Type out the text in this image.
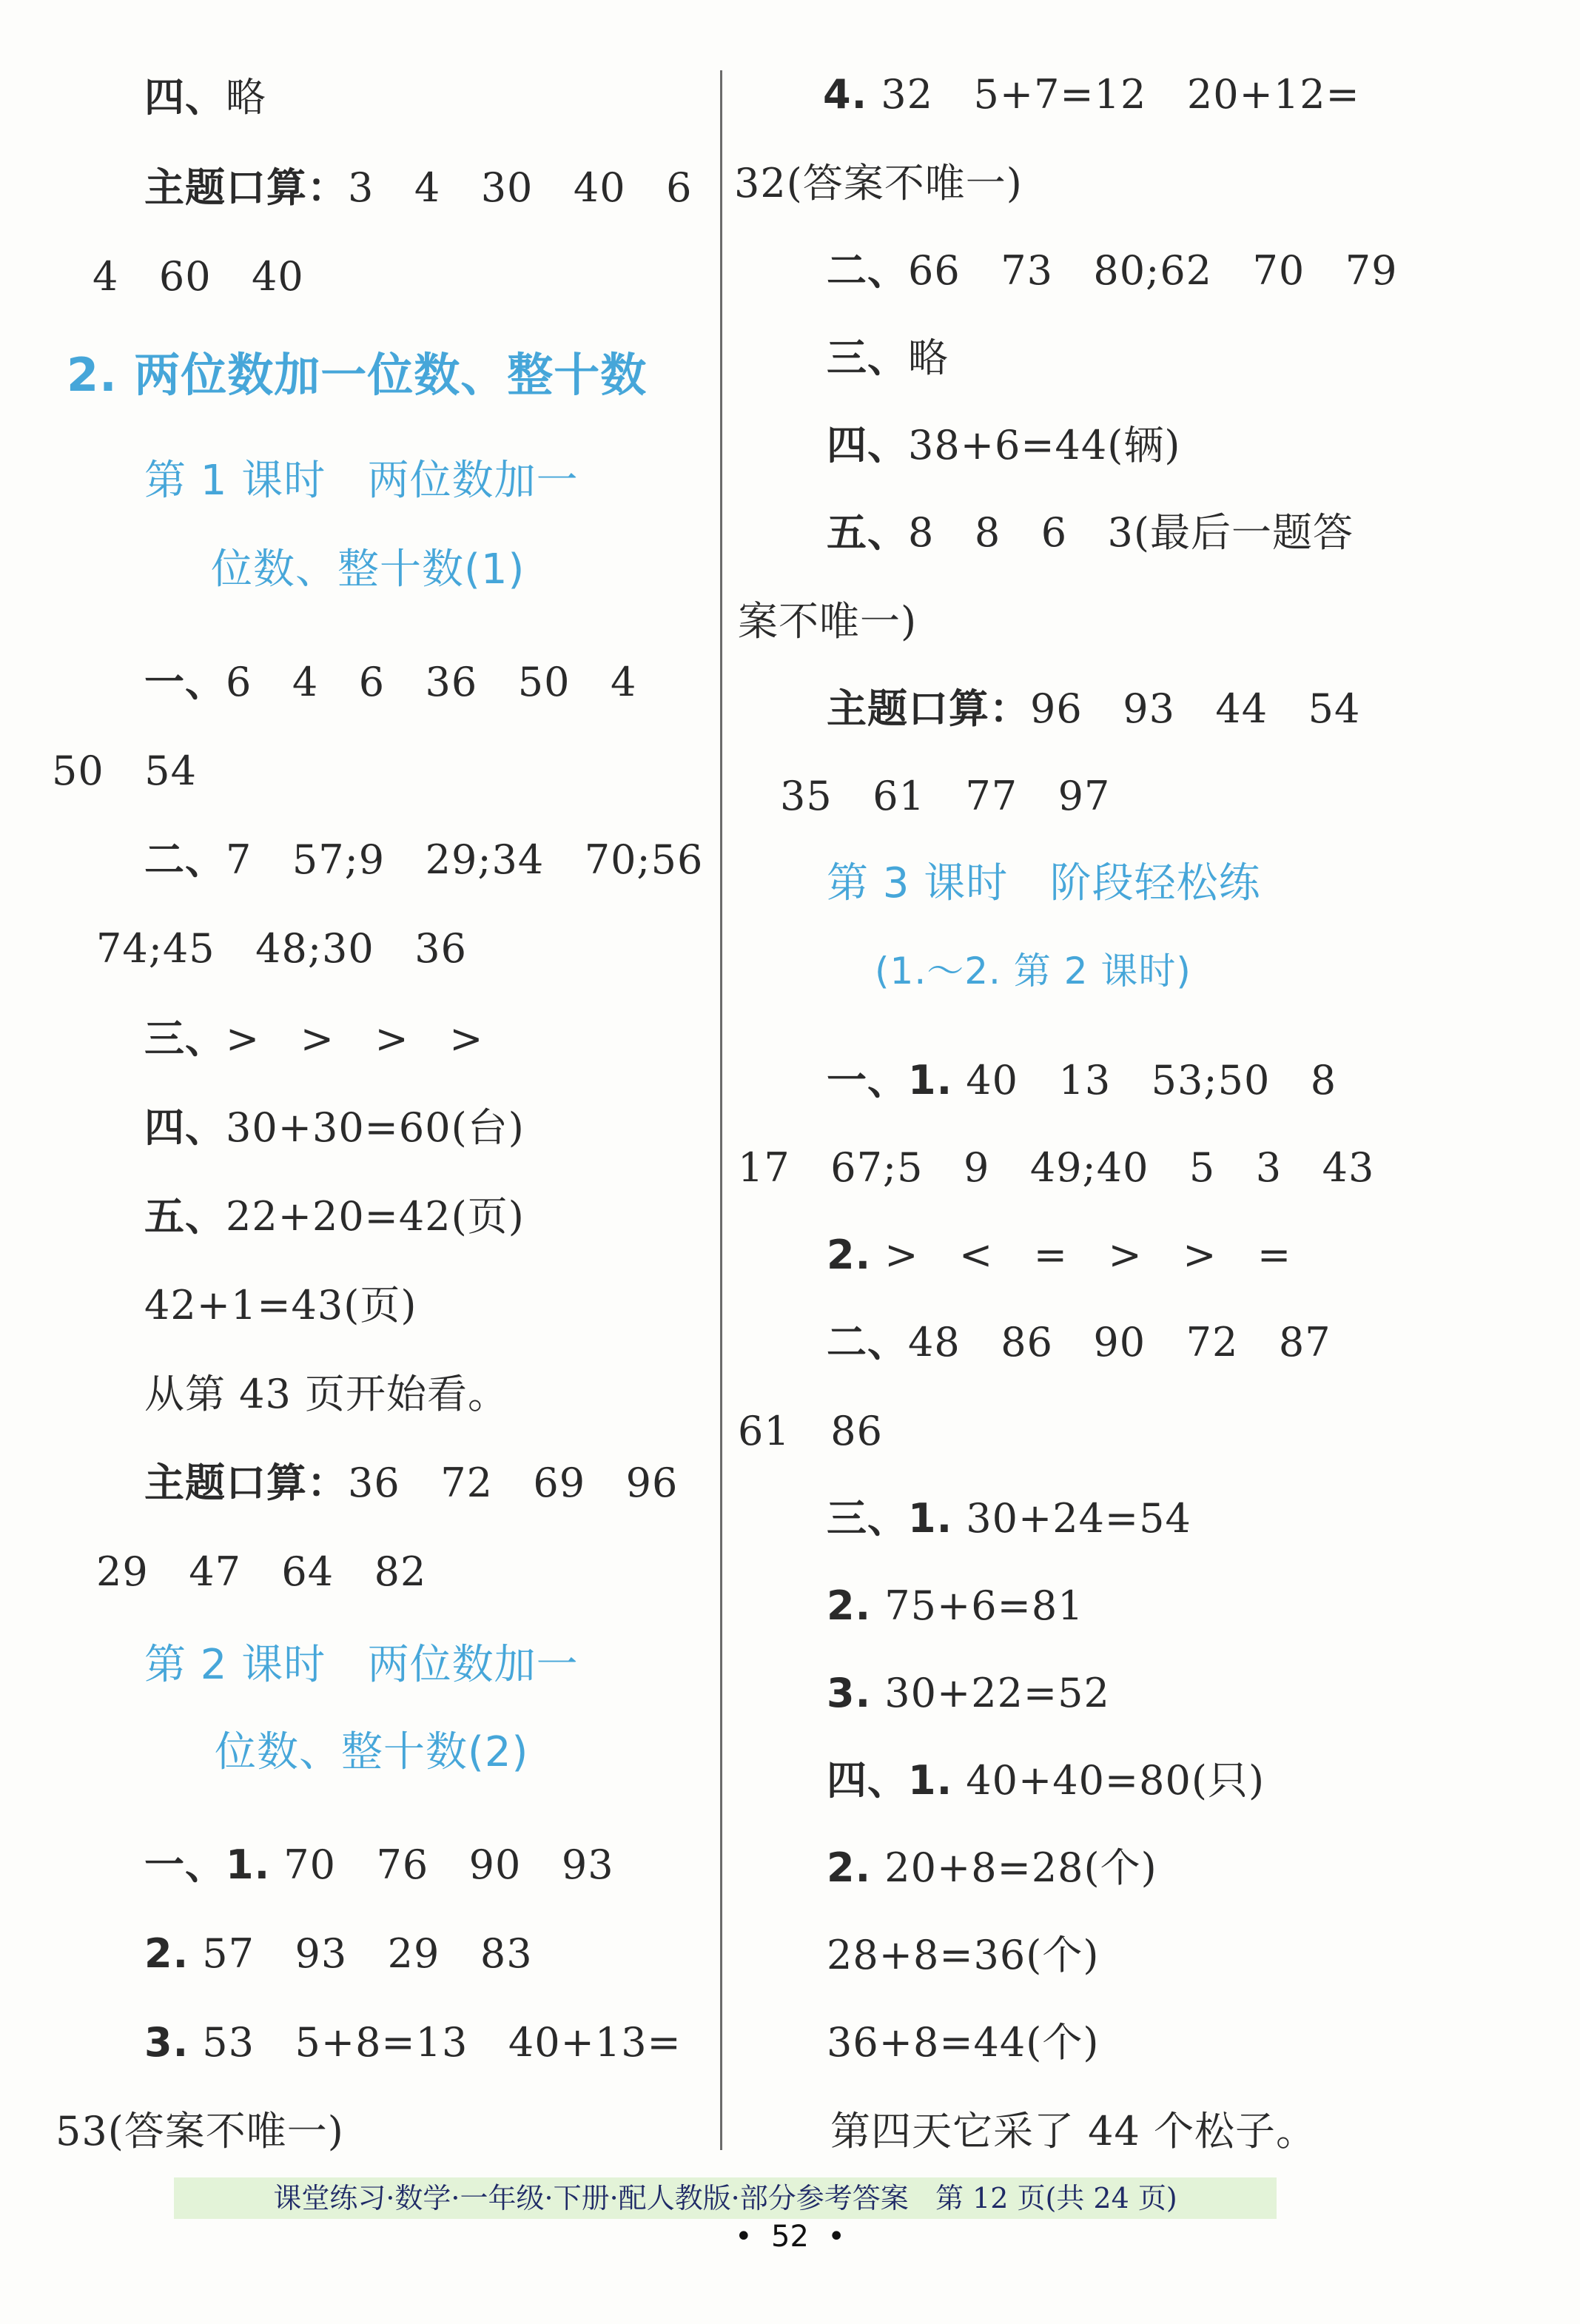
四、略
主题口算：3   4   30   40   6
4   60   40
2. 两位数加一位数、整十数
第 1 课时   两位数加一
位数、整十数(1)
一、6   4   6   36   50   4
50   54
二、7   57;9   29;34   70;56
74;45   48;30   36
三、>   >   >   >
四、30+30=60(台)
五、22+20=42(页)
42+1=43(页)
从第 43 页开始看。
主题口算：36   72   69   96
29   47   64   82
第 2 课时   两位数加一
位数、整十数(2)
一、1. 70   76   90   93
2. 57   93   29   83
3. 53   5+8=13   40+13=
53(答案不唯一)
4. 32   5+7=12   20+12=
32(答案不唯一)
二、66   73   80;62   70   79
三、略
四、38+6=44(辆)
五、8   8   6   3(最后一题答
案不唯一)
主题口算：96   93   44   54
35   61   77   97
第 3 课时   阶段轻松练
(1.～2. 第 2 课时)
一、1. 40   13   53;50   8
17   67;5   9   49;40   5   3   43
2. >   <   =   >   >   =
二、48   86   90   72   87
61   86
三、1. 30+24=54
2. 75+6=81
3. 30+22=52
四、1. 40+40=80(只)
2. 20+8=28(个)
28+8=36(个)
36+8=44(个)
第四天它采了 44 个松子。
课堂练习·数学·一年级·下册·配人教版·部分参考答案   第 12 页(共 24 页)
•  52  •
